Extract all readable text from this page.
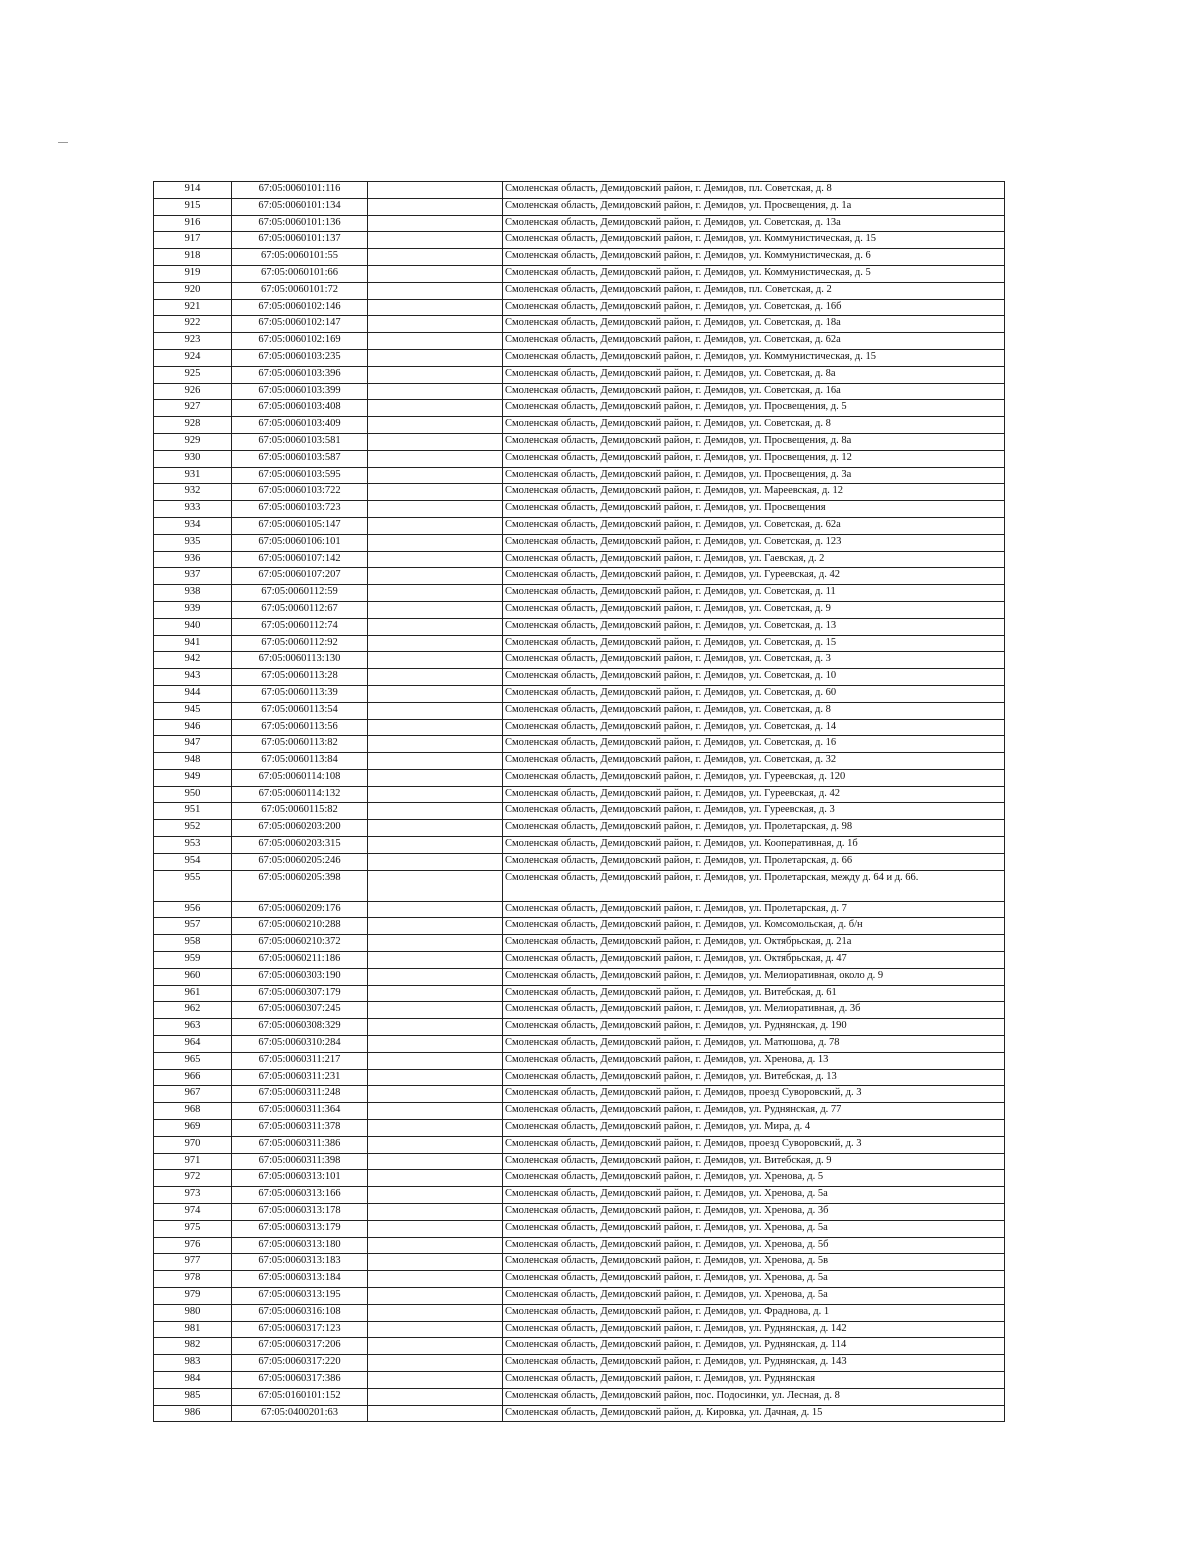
914	67:05:0060101:116		Смоленская область, Демидовский район, г. Демидов, пл. Советская, д. 8
915	67:05:0060101:134		Смоленская область, Демидовский район, г. Демидов, ул. Просвещения, д. 1а
916	67:05:0060101:136		Смоленская область, Демидовский район, г. Демидов, ул. Советская, д. 13а
917	67:05:0060101:137		Смоленская область, Демидовский район, г. Демидов, ул. Коммунистическая, д. 15
918	67:05:0060101:55		Смоленская область, Демидовский район, г. Демидов, ул. Коммунистическая, д. 6
919	67:05:0060101:66		Смоленская область, Демидовский район, г. Демидов, ул. Коммунистическая, д. 5
920	67:05:0060101:72		Смоленская область, Демидовский район, г. Демидов, пл. Советская, д. 2
921	67:05:0060102:146		Смоленская область, Демидовский район, г. Демидов, ул. Советская, д. 16б
922	67:05:0060102:147		Смоленская область, Демидовский район, г. Демидов, ул. Советская, д. 18а
923	67:05:0060102:169		Смоленская область, Демидовский район, г. Демидов, ул. Советская, д. 62а
924	67:05:0060103:235		Смоленская область, Демидовский район, г. Демидов, ул. Коммунистическая, д. 15
925	67:05:0060103:396		Смоленская область, Демидовский район, г. Демидов, ул. Советская, д. 8а
926	67:05:0060103:399		Смоленская область, Демидовский район, г. Демидов, ул. Советская, д. 16а
927	67:05:0060103:408		Смоленская область, Демидовский район, г. Демидов, ул. Просвещения, д. 5
928	67:05:0060103:409		Смоленская область, Демидовский район, г. Демидов, ул. Советская, д. 8
929	67:05:0060103:581		Смоленская область, Демидовский район, г. Демидов, ул. Просвещения, д. 8а
930	67:05:0060103:587		Смоленская область, Демидовский район, г. Демидов, ул. Просвещения, д. 12
931	67:05:0060103:595		Смоленская область, Демидовский район, г. Демидов, ул. Просвещения, д. 3а
932	67:05:0060103:722		Смоленская область, Демидовский район, г. Демидов, ул. Мареевская, д. 12
933	67:05:0060103:723		Смоленская область, Демидовский район, г. Демидов, ул. Просвещения
934	67:05:0060105:147		Смоленская область, Демидовский район, г. Демидов, ул. Советская, д. 62а
935	67:05:0060106:101		Смоленская область, Демидовский район, г. Демидов, ул. Советская, д. 123
936	67:05:0060107:142		Смоленская область, Демидовский район, г. Демидов, ул. Гаевская, д. 2
937	67:05:0060107:207		Смоленская область, Демидовский район, г. Демидов, ул. Гуреевская, д. 42
938	67:05:0060112:59		Смоленская область, Демидовский район, г. Демидов, ул. Советская, д. 11
939	67:05:0060112:67		Смоленская область, Демидовский район, г. Демидов, ул. Советская, д. 9
940	67:05:0060112:74		Смоленская область, Демидовский район, г. Демидов, ул. Советская, д. 13
941	67:05:0060112:92		Смоленская область, Демидовский район, г. Демидов, ул. Советская, д. 15
942	67:05:0060113:130		Смоленская область, Демидовский район, г. Демидов, ул. Советская, д. 3
943	67:05:0060113:28		Смоленская область, Демидовский район, г. Демидов, ул. Советская, д. 10
944	67:05:0060113:39		Смоленская область, Демидовский район, г. Демидов, ул. Советская, д. 60
945	67:05:0060113:54		Смоленская область, Демидовский район, г. Демидов, ул. Советская, д. 8
946	67:05:0060113:56		Смоленская область, Демидовский район, г. Демидов, ул. Советская, д. 14
947	67:05:0060113:82		Смоленская область, Демидовский район, г. Демидов, ул. Советская, д. 16
948	67:05:0060113:84		Смоленская область, Демидовский район, г. Демидов, ул. Советская, д. 32
949	67:05:0060114:108		Смоленская область, Демидовский район, г. Демидов, ул. Гуреевская, д. 120
950	67:05:0060114:132		Смоленская область, Демидовский район, г. Демидов, ул. Гуреевская, д. 42
951	67:05:0060115:82		Смоленская область, Демидовский район, г. Демидов, ул. Гуреевская, д. 3
952	67:05:0060203:200		Смоленская область, Демидовский район, г. Демидов, ул. Пролетарская, д. 98
953	67:05:0060203:315		Смоленская область, Демидовский район, г. Демидов, ул. Кооперативная, д. 1б
954	67:05:0060205:246		Смоленская область, Демидовский район, г. Демидов, ул. Пролетарская, д. 66
955	67:05:0060205:398		Смоленская область, Демидовский район, г. Демидов, ул. Пролетарская, между д. 64 и д. 66.
956	67:05:0060209:176		Смоленская область, Демидовский район, г. Демидов, ул. Пролетарская, д. 7
957	67:05:0060210:288		Смоленская область, Демидовский район, г. Демидов, ул. Комсомольская, д. б/н
958	67:05:0060210:372		Смоленская область, Демидовский район, г. Демидов, ул. Октябрьская, д. 21а
959	67:05:0060211:186		Смоленская область, Демидовский район, г. Демидов, ул. Октябрьская, д. 47
960	67:05:0060303:190		Смоленская область, Демидовский район, г. Демидов, ул. Мелиоративная, около д. 9
961	67:05:0060307:179		Смоленская область, Демидовский район, г. Демидов, ул. Витебская, д. 61
962	67:05:0060307:245		Смоленская область, Демидовский район, г. Демидов, ул. Мелиоративная, д. 3б
963	67:05:0060308:329		Смоленская область, Демидовский район, г. Демидов, ул. Руднянская, д. 190
964	67:05:0060310:284		Смоленская область, Демидовский район, г. Демидов, ул. Матюшова, д. 78
965	67:05:0060311:217		Смоленская область, Демидовский район, г. Демидов, ул. Хренова, д. 13
966	67:05:0060311:231		Смоленская область, Демидовский район, г. Демидов, ул. Витебская, д. 13
967	67:05:0060311:248		Смоленская область, Демидовский район, г. Демидов, проезд Суворовский, д. 3
968	67:05:0060311:364		Смоленская область, Демидовский район, г. Демидов, ул. Руднянская, д. 77
969	67:05:0060311:378		Смоленская область, Демидовский район, г. Демидов, ул. Мира, д. 4
970	67:05:0060311:386		Смоленская область, Демидовский район, г. Демидов, проезд Суворовский, д. 3
971	67:05:0060311:398		Смоленская область, Демидовский район, г. Демидов, ул. Витебская, д. 9
972	67:05:0060313:101		Смоленская область, Демидовский район, г. Демидов, ул. Хренова, д. 5
973	67:05:0060313:166		Смоленская область, Демидовский район, г. Демидов, ул. Хренова, д. 5а
974	67:05:0060313:178		Смоленская область, Демидовский район, г. Демидов, ул. Хренова, д. 3б
975	67:05:0060313:179		Смоленская область, Демидовский район, г. Демидов, ул. Хренова, д. 5а
976	67:05:0060313:180		Смоленская область, Демидовский район, г. Демидов, ул. Хренова, д. 5б
977	67:05:0060313:183		Смоленская область, Демидовский район, г. Демидов, ул. Хренова, д. 5в
978	67:05:0060313:184		Смоленская область, Демидовский район, г. Демидов, ул. Хренова, д. 5а
979	67:05:0060313:195		Смоленская область, Демидовский район, г. Демидов, ул. Хренова, д. 5а
980	67:05:0060316:108		Смоленская область, Демидовский район, г. Демидов, ул. Фраднова, д. 1
981	67:05:0060317:123		Смоленская область, Демидовский район, г. Демидов, ул. Руднянская, д. 142
982	67:05:0060317:206		Смоленская область, Демидовский район, г. Демидов, ул. Руднянская, д. 114
983	67:05:0060317:220		Смоленская область, Демидовский район, г. Демидов, ул. Руднянская, д. 143
984	67:05:0060317:386		Смоленская область, Демидовский район, г. Демидов, ул. Руднянская
985	67:05:0160101:152		Смоленская область, Демидовский район, пос. Подосинки, ул. Лесная, д. 8
986	67:05:0400201:63		Смоленская область, Демидовский район, д. Кировка, ул. Дачная, д. 15
